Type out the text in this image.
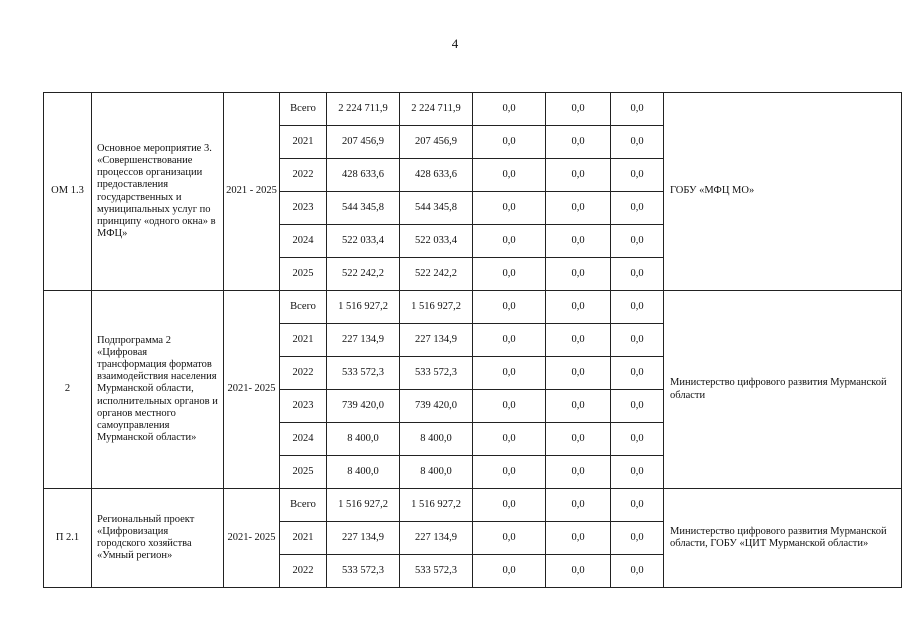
4
ОМ 1.3	Основное мероприятие 3. «Совершенствование процессов организации предоставления государственных и муниципальных услуг по принципу «одного окна» в МФЦ»	2021 - 2025	Всего	2 224 711,9	2 224 711,9	0,0	0,0	0,0	ГОБУ «МФЦ МО»
			2021	207 456,9	207 456,9	0,0	0,0	0,0	
			2022	428 633,6	428 633,6	0,0	0,0	0,0	
			2023	544 345,8	544 345,8	0,0	0,0	0,0	
			2024	522 033,4	522 033,4	0,0	0,0	0,0	
			2025	522 242,2	522 242,2	0,0	0,0	0,0	
2	Подпрограмма 2 «Цифровая трансформация форматов взаимодействия населения Мурманской области, исполнительных органов и органов местного самоуправления Мурманской области»	2021- 2025	Всего	1 516 927,2	1 516 927,2	0,0	0,0	0,0	Министерство цифрового развития Мурманской области
			2021	227 134,9	227 134,9	0,0	0,0	0,0	
			2022	533 572,3	533 572,3	0,0	0,0	0,0	
			2023	739 420,0	739 420,0	0,0	0,0	0,0	
			2024	8 400,0	8 400,0	0,0	0,0	0,0	
			2025	8 400,0	8 400,0	0,0	0,0	0,0	
П 2.1	Региональный проект «Цифровизация городского хозяйства «Умный регион»	2021- 2025	Всего	1 516 927,2	1 516 927,2	0,0	0,0	0,0	Министерство цифрового развития Мурманской области, ГОБУ «ЦИТ Мурманской области»
			2021	227 134,9	227 134,9	0,0	0,0	0,0	
			2022	533 572,3	533 572,3	0,0	0,0	0,0	
